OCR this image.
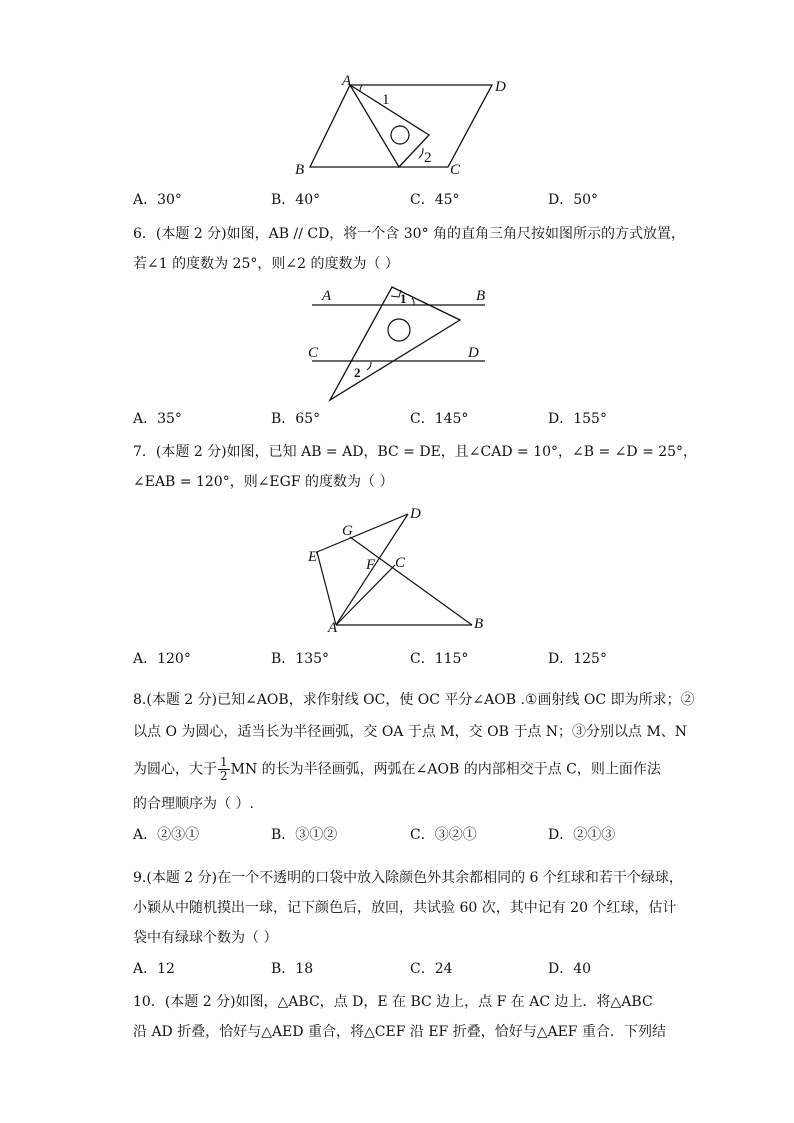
A	D
B	C
1
2
A．30°	B．40°	C．45°	D．50°
6．(本题 2 分)如图，AB // CD，将一个含 30° 角的直角三角尺按如图所示的方式放置，
若∠1 的度数为 25°，则∠2 的度数为（ ）
A	B
C	D
1
2
A．35°	B．65°	C．145°	D．155°
7．(本题 2 分)如图，已知 AB = AD，BC = DE，且∠CAD = 10°，∠B = ∠D = 25°，
∠EAB = 120°，则∠EGF 的度数为（ ）
D
G
E	F C
A	B
A．120°	B．135°	C．115°	D．125°
8.(本题 2 分)已知∠AOB，求作射线 OC，使 OC 平分∠AOB .①画射线 OC 即为所求；②
以点 O 为圆心，适当长为半径画弧，交 OA 于点 M，交 OB 于点 N；③分别以点 M、N
为圆心，大于 $\frac{1}{2}$ MN 的长为半径画弧，两弧在∠AOB 的内部相交于点 C，则上面作法
的合理顺序为（ ）.
A．②③①	B．③①②	C．③②①	D．②①③
9.(本题 2 分)在一个不透明的口袋中放入除颜色外其余都相同的 6 个红球和若干个绿球，
小颖从中随机摸出一球，记下颜色后，放回，共试验 60 次，其中记有 20 个红球，估计
袋中有绿球个数为（ ）
A．12	B．18	C．24	D．40
10．(本题 2 分)如图，△ABC，点 D，E 在 BC 边上，点 F 在 AC 边上．将△ABC
沿 AD 折叠，恰好与△AED 重合，将△CEF 沿 EF 折叠，恰好与△AEF 重合．下列结
